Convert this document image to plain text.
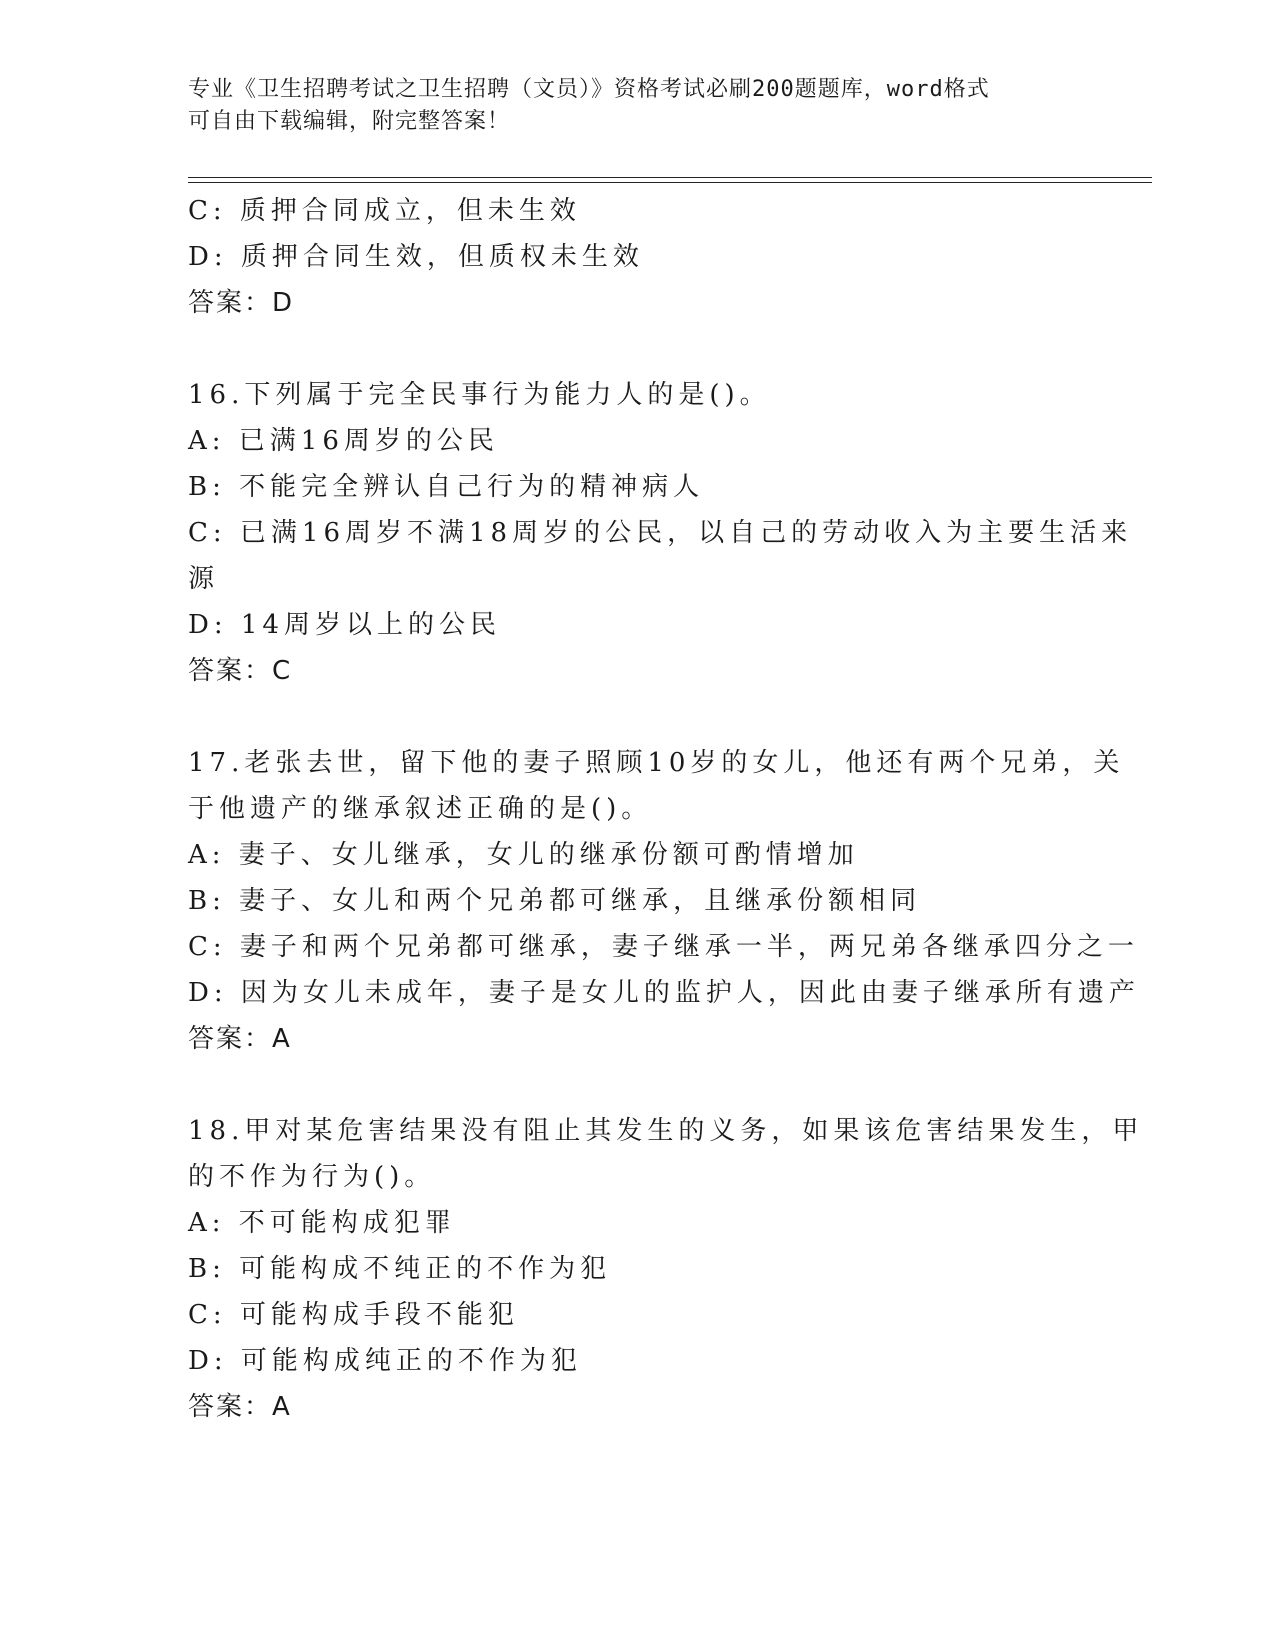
专业《卫生招聘考试之卫生招聘（文员）》资格考试必刷200题题库，word格式
可自由下载编辑，附完整答案！
C: 质押合同成立，但未生效
D: 质押合同生效，但质权未生效
答案：D
16.下列属于完全民事行为能力人的是()。
A: 已满16周岁的公民
B: 不能完全辨认自己行为的精神病人
C: 已满16周岁不满18周岁的公民，以自己的劳动收入为主要生活来
源
D: 14周岁以上的公民
答案：C
17.老张去世，留下他的妻子照顾10岁的女儿，他还有两个兄弟，关
于他遗产的继承叙述正确的是()。
A: 妻子、女儿继承，女儿的继承份额可酌情增加
B: 妻子、女儿和两个兄弟都可继承，且继承份额相同
C: 妻子和两个兄弟都可继承，妻子继承一半，两兄弟各继承四分之一
D: 因为女儿未成年，妻子是女儿的监护人，因此由妻子继承所有遗产
答案：A
18.甲对某危害结果没有阻止其发生的义务，如果该危害结果发生，甲
的不作为行为()。
A: 不可能构成犯罪
B: 可能构成不纯正的不作为犯
C: 可能构成手段不能犯
D: 可能构成纯正的不作为犯
答案：A
